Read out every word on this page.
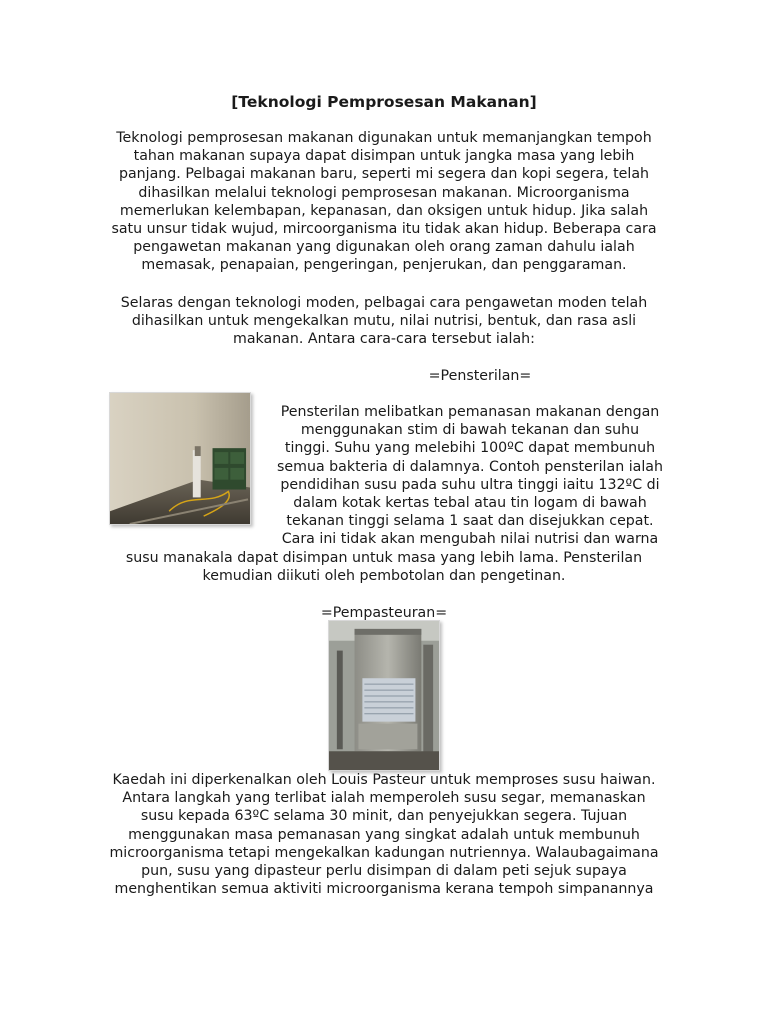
[Teknologi Pemprosesan Makanan]

Teknologi pemprosesan makanan digunakan untuk memanjangkan tempoh
tahan makanan supaya dapat disimpan untuk jangka masa yang lebih
panjang. Pelbagai makanan baru, seperti mi segera dan kopi segera, telah
dihasilkan melalui teknologi pemprosesan makanan. Microorganisma
memerlukan kelembapan, kepanasan, dan oksigen untuk hidup. Jika salah
satu unsur tidak wujud, mircoorganisma itu tidak akan hidup. Beberapa cara
pengawetan makanan yang digunakan oleh orang zaman dahulu ialah
memasak, penapaian, pengeringan, penjerukan, dan penggaraman.

Selaras dengan teknologi moden, pelbagai cara pengawetan moden telah
dihasilkan untuk mengekalkan mutu, nilai nutrisi, bentuk, dan rasa asli
makanan. Antara cara-cara tersebut ialah:

=Pensterilan=

Pensterilan melibatkan pemanasan makanan dengan
menggunakan stim di bawah tekanan dan suhu
tinggi. Suhu yang melebihi 100ºC dapat membunuh
semua bakteria di dalamnya. Contoh pensterilan ialah
pendidihan susu pada suhu ultra tinggi iaitu 132ºC di
dalam kotak kertas tebal atau tin logam di bawah
tekanan tinggi selama 1 saat dan disejukkan cepat.
Cara ini tidak akan mengubah nilai nutrisi dan warna

susu manakala dapat disimpan untuk masa yang lebih lama. Pensterilan
kemudian diikuti oleh pembotolan dan pengetinan.

=Pempasteuran=

Kaedah ini diperkenalkan oleh Louis Pasteur untuk memproses susu haiwan.
Antara langkah yang terlibat ialah memperoleh susu segar, memanaskan
susu kepada 63ºC selama 30 minit, dan penyejukkan segera. Tujuan
menggunakan masa pemanasan yang singkat adalah untuk membunuh
microorganisma tetapi mengekalkan kadungan nutriennya. Walaubagaimana
pun, susu yang dipasteur perlu disimpan di dalam peti sejuk supaya
menghentikan semua aktiviti microorganisma kerana tempoh simpanannya
